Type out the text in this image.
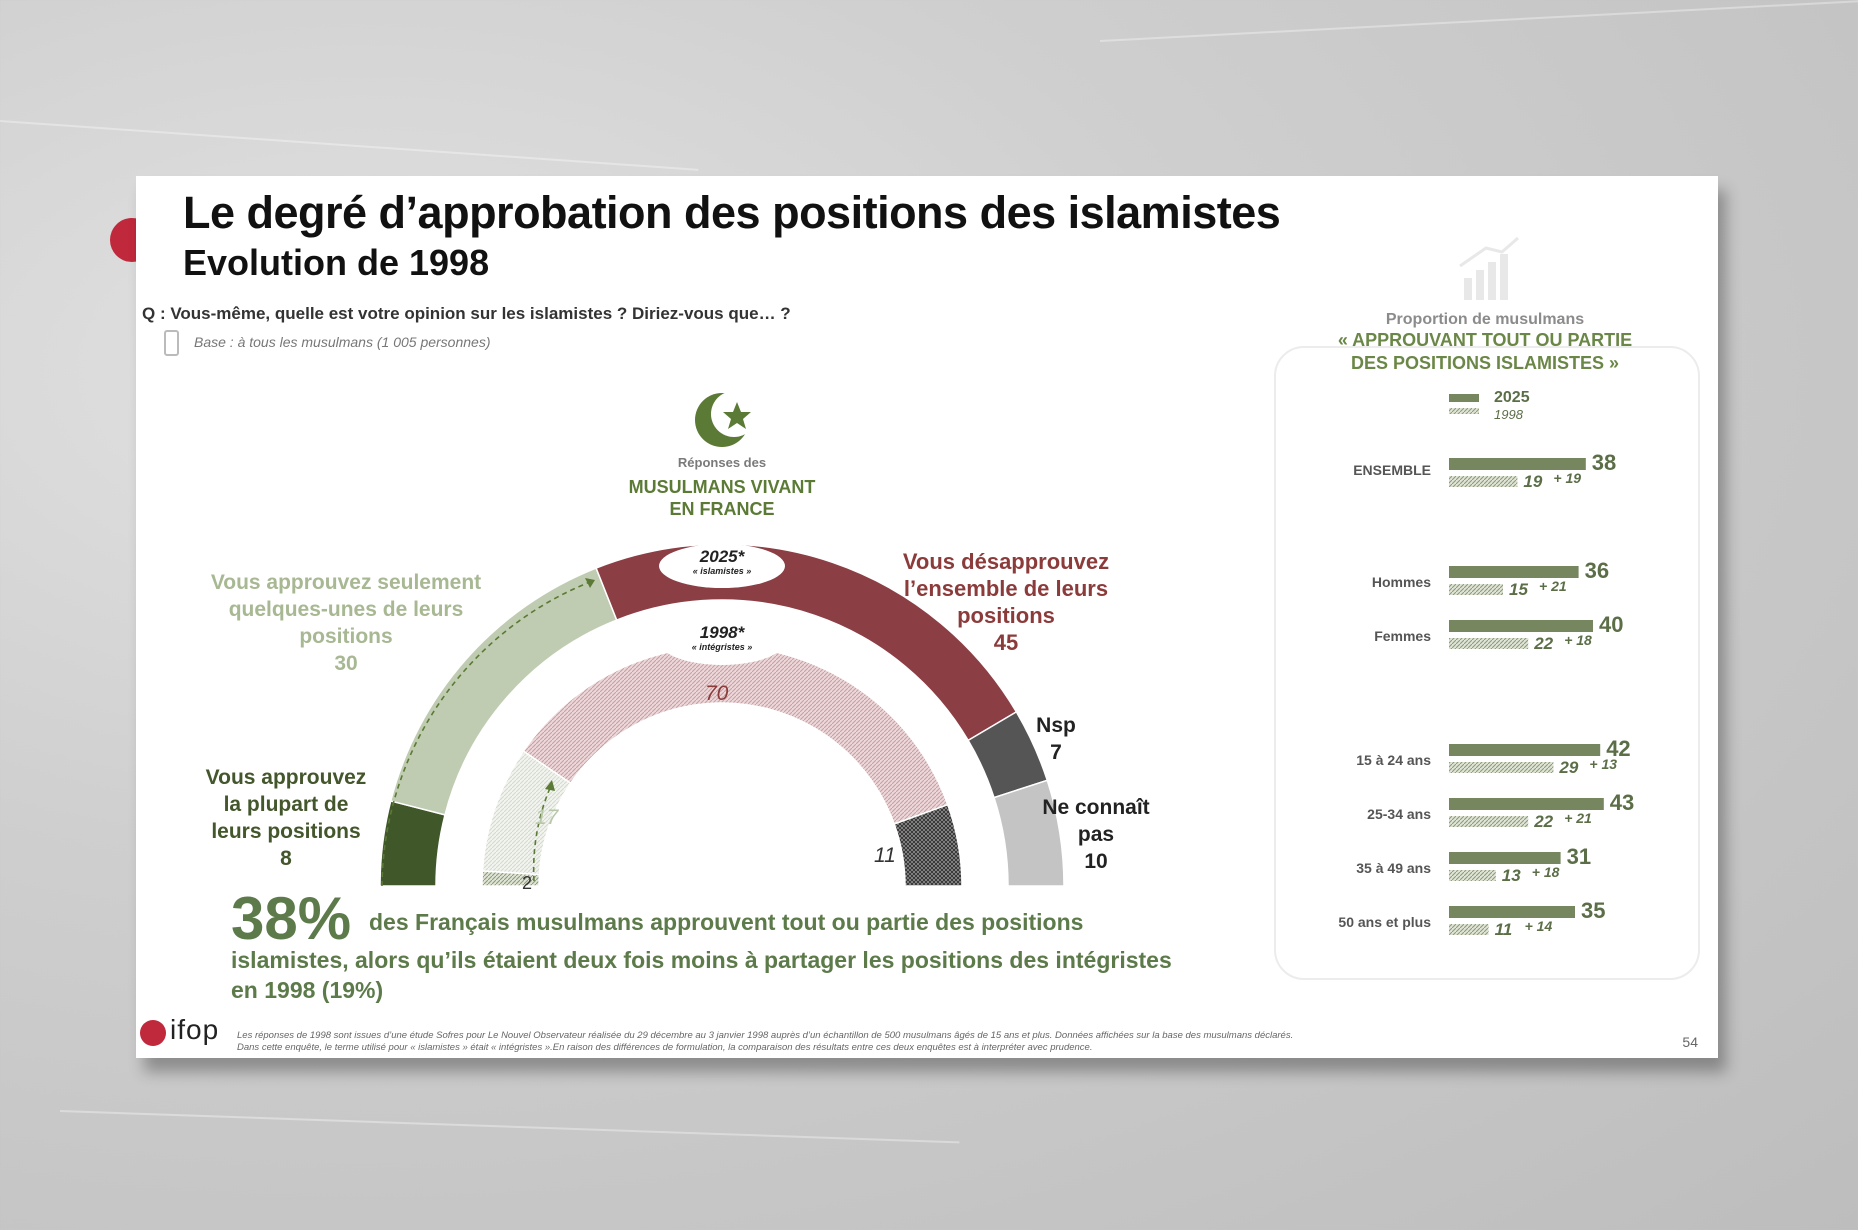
Le degré d’approbation des positions des islamistes
Evolution de 1998
Q : Vous-même, quelle est votre opinion sur les islamistes ? Diriez-vous que… ?
Base : à tous les musulmans (1 005 personnes)
Réponses des
MUSULMANS VIVANT
EN FRANCE
2025*
« islamistes »
1998*
« intégristes »
Vous approuvez seulement
quelques-unes de leurs
positions
30
Vous désapprouvez
l’ensemble de leurs
positions
45
Vous approuvez
la plupart de
leurs positions
8
Nsp
7
Ne connaît
pas
10
70
17
11
2
38% des Français musulmans approuvent tout ou partie des positions
islamistes, alors qu’ils étaient deux fois moins à partager les positions des intégristes
en 1998 (19%)
ifop Les réponses de 1998 sont issues d’une étude Sofres pour Le Nouvel Observateur réalisée du 29 décembre au 3 janvier 1998 auprès d’un échantillon de 500 musulmans âgés de 15 ans et plus. Données affichées sur la base des musulmans déclarés.
Dans cette enquête, le terme utilisé pour « islamistes » était « intégristes ».En raison des différences de formulation, la comparaison des résultats entre ces deux enquêtes est à interpréter avec prudence.	54
Proportion de musulmans
« APPROUVANT TOUT OU PARTIE
DES POSITIONS ISLAMISTES »
2025
1998
ENSEMBLE	38
19 + 19
Hommes	36
15 + 21
Femmes	40
22 + 18
15 à 24 ans	42
29 + 13
25-34 ans	43
22 + 21
35 à 49 ans	31
13 + 18
50 ans et plus	35
11 + 14
